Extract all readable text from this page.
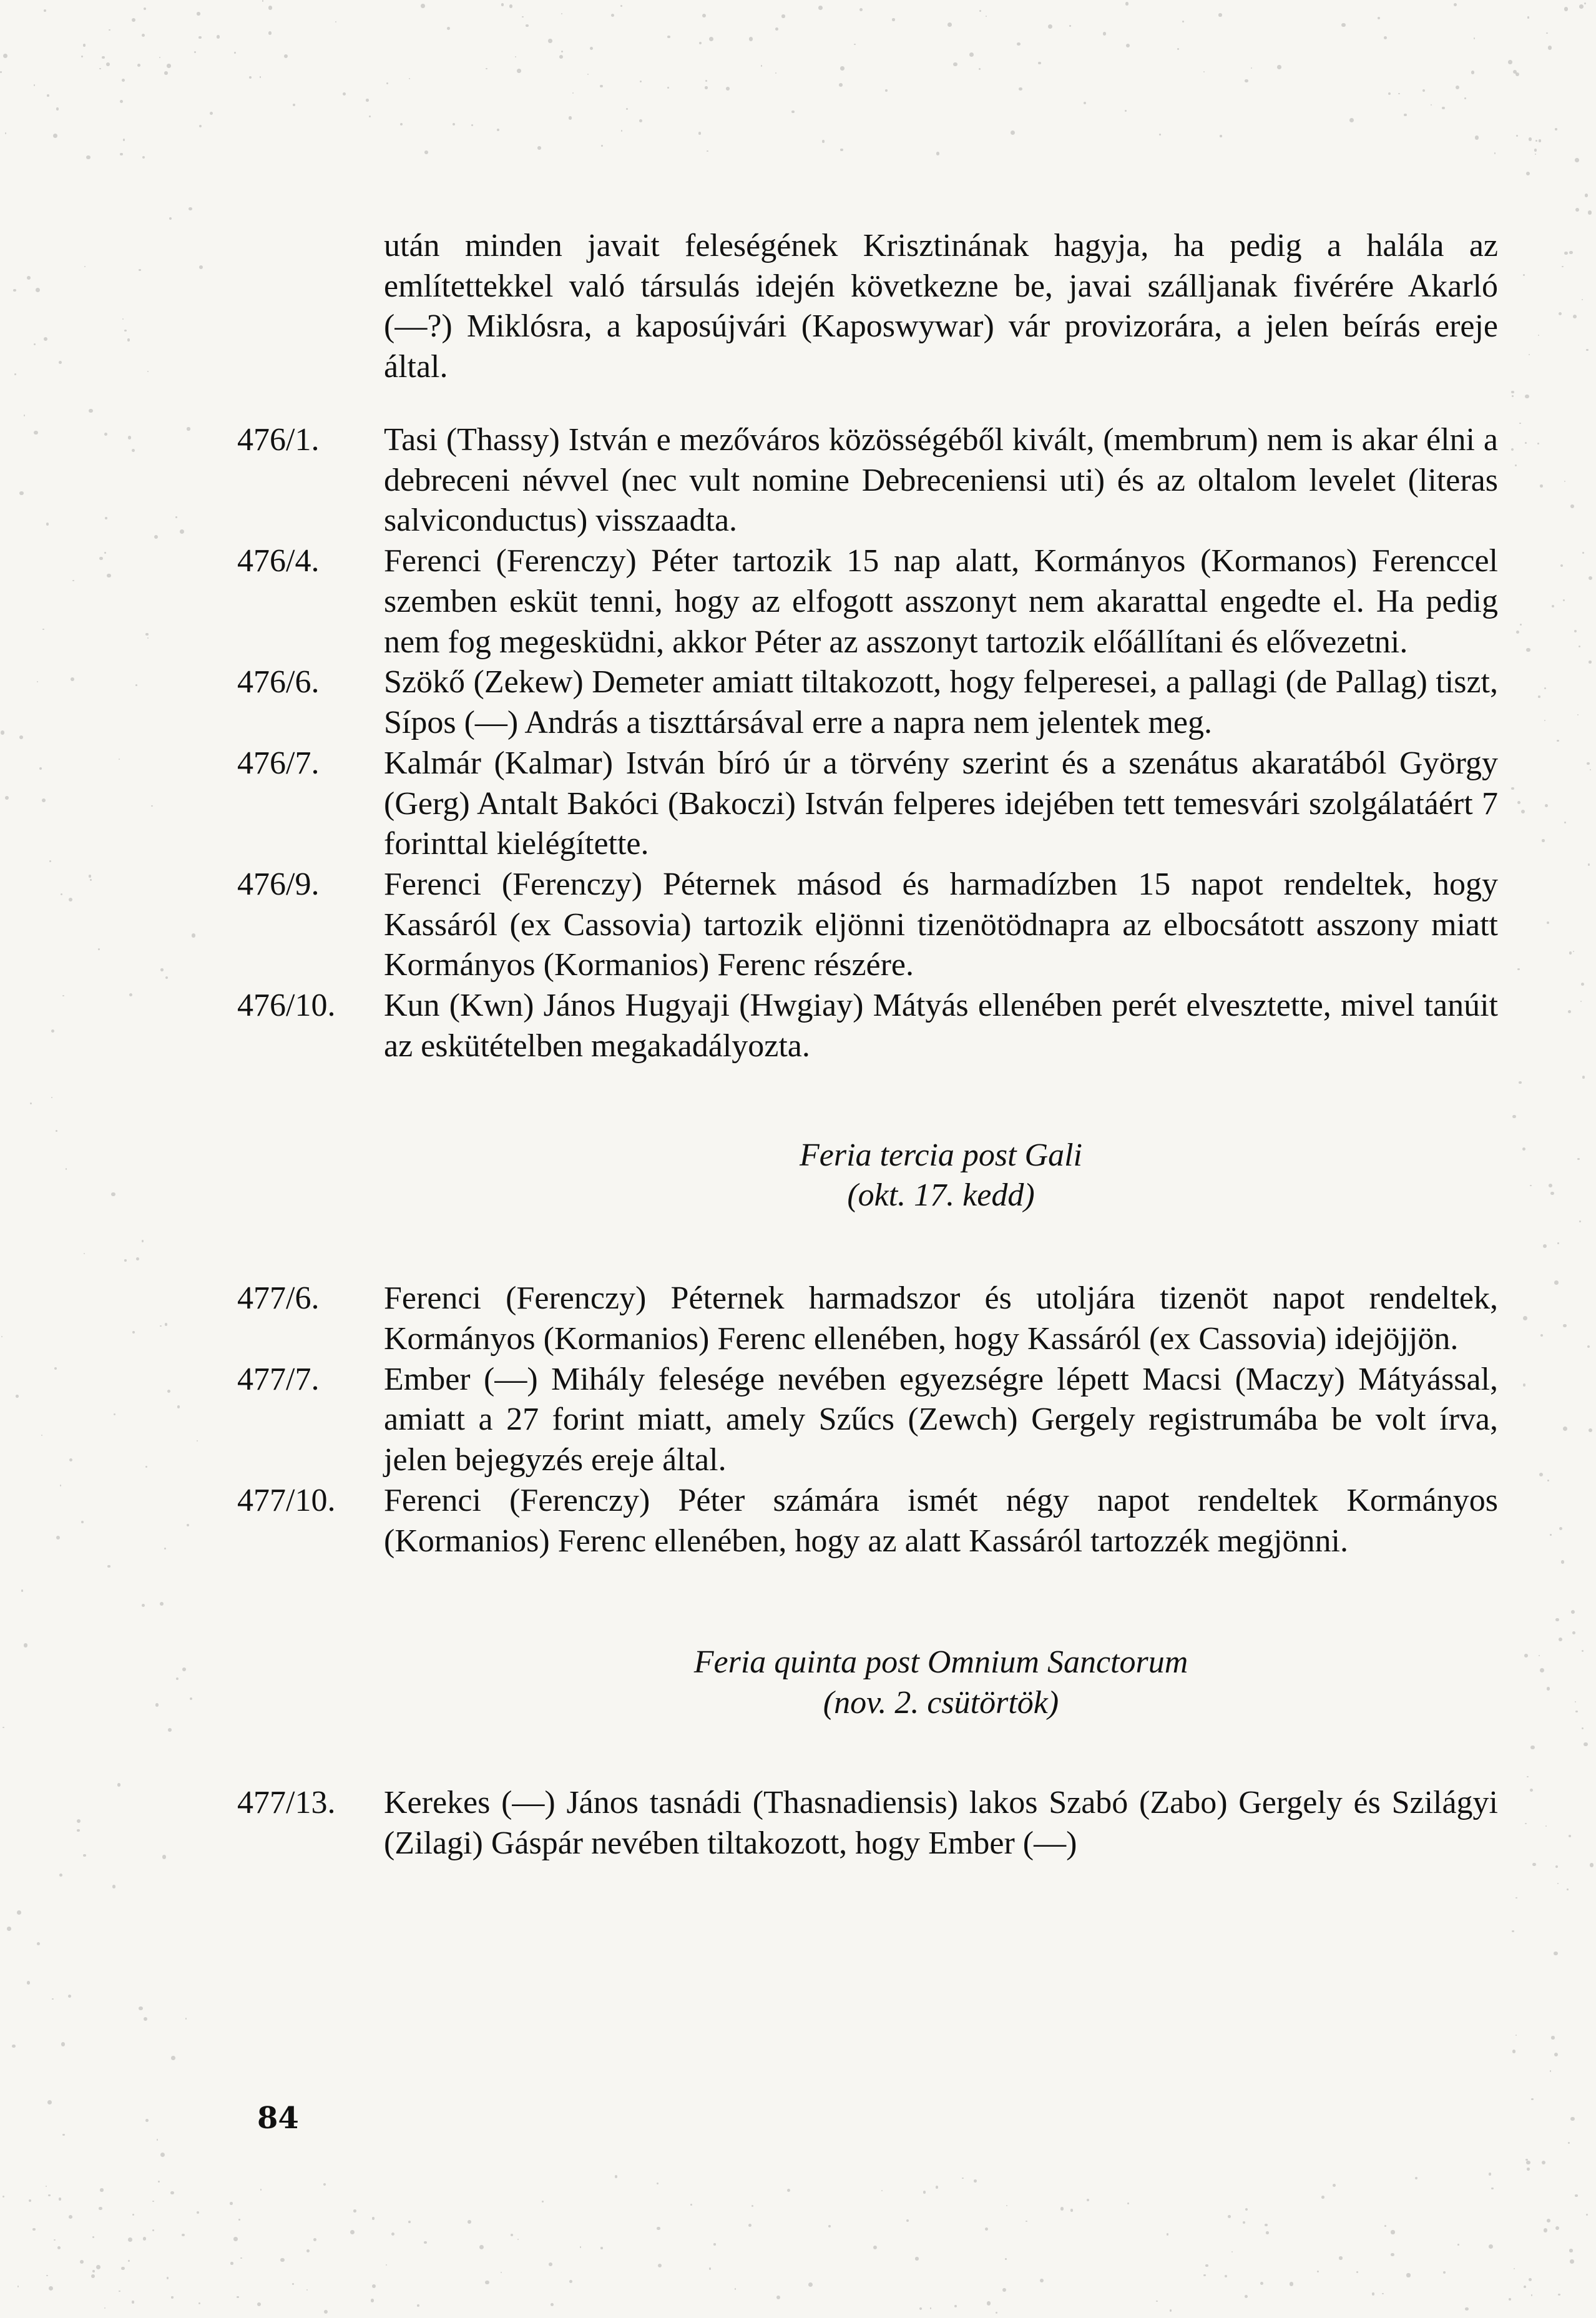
után minden javait feleségének Krisztinának hagyja, ha pedig a halála az említettekkel való társulás idején következne be, javai szálljanak fivérére Akarló (—?) Miklósra, a kaposújvári (Kaposwywar) vár provizorára, a jelen beírás ereje által.

476/1.	Tasi (Thassy) István e mezőváros közösségéből kivált, (membrum) nem is akar élni a debreceni névvel (nec vult nomine Debreceniensi uti) és az oltalom levelet (literas salviconductus) visszaadta.
476/4.	Ferenci (Ferenczy) Péter tartozik 15 nap alatt, Kormányos (Kormanos) Ferenccel szemben esküt tenni, hogy az elfogott asszonyt nem akarattal engedte el. Ha pedig nem fog megesküdni, akkor Péter az asszonyt tartozik előállítani és elővezetni.
476/6.	Szökő (Zekew) Demeter amiatt tiltakozott, hogy felperesei, a pallagi (de Pallag) tiszt, Sípos (—) András a tiszttársával erre a napra nem jelentek meg.
476/7.	Kalmár (Kalmar) István bíró úr a törvény szerint és a szenátus akaratából György (Gerg) Antalt Bakóci (Bakoczi) István felperes idejében tett temesvári szolgálatáért 7 forinttal kielégítette.
476/9.	Ferenci (Ferenczy) Péternek másod és harmadízben 15 napot rendeltek, hogy Kassáról (ex Cassovia) tartozik eljönni tizenötödnapra az elbocsátott asszony miatt Kormányos (Kormanios) Ferenc részére.
476/10.	Kun (Kwn) János Hugyaji (Hwgiay) Mátyás ellenében perét elvesztette, mivel tanúit az eskütételben megakadályozta.
Feria tercia post Gali
(okt. 17. kedd)
477/6.	Ferenci (Ferenczy) Péternek harmadszor és utoljára tizenöt napot rendeltek, Kormányos (Kormanios) Ferenc ellenében, hogy Kassáról (ex Cassovia) idejöjjön.
477/7.	Ember (—) Mihály felesége nevében egyezségre lépett Macsi (Maczy) Mátyással, amiatt a 27 forint miatt, amely Szűcs (Zewch) Gergely registrumába be volt írva, jelen bejegyzés ereje által.
477/10.	Ferenci (Ferenczy) Péter számára ismét négy napot rendeltek Kormányos (Kormanios) Ferenc ellenében, hogy az alatt Kassáról tartozzék megjönni.
Feria quinta post Omnium Sanctorum
(nov. 2. csütörtök)
477/13.	Kerekes (—) János tasnádi (Thasnadiensis) lakos Szabó (Zabo) Gergely és Szilágyi (Zilagi) Gáspár nevében tiltakozott, hogy Ember (—)
84
